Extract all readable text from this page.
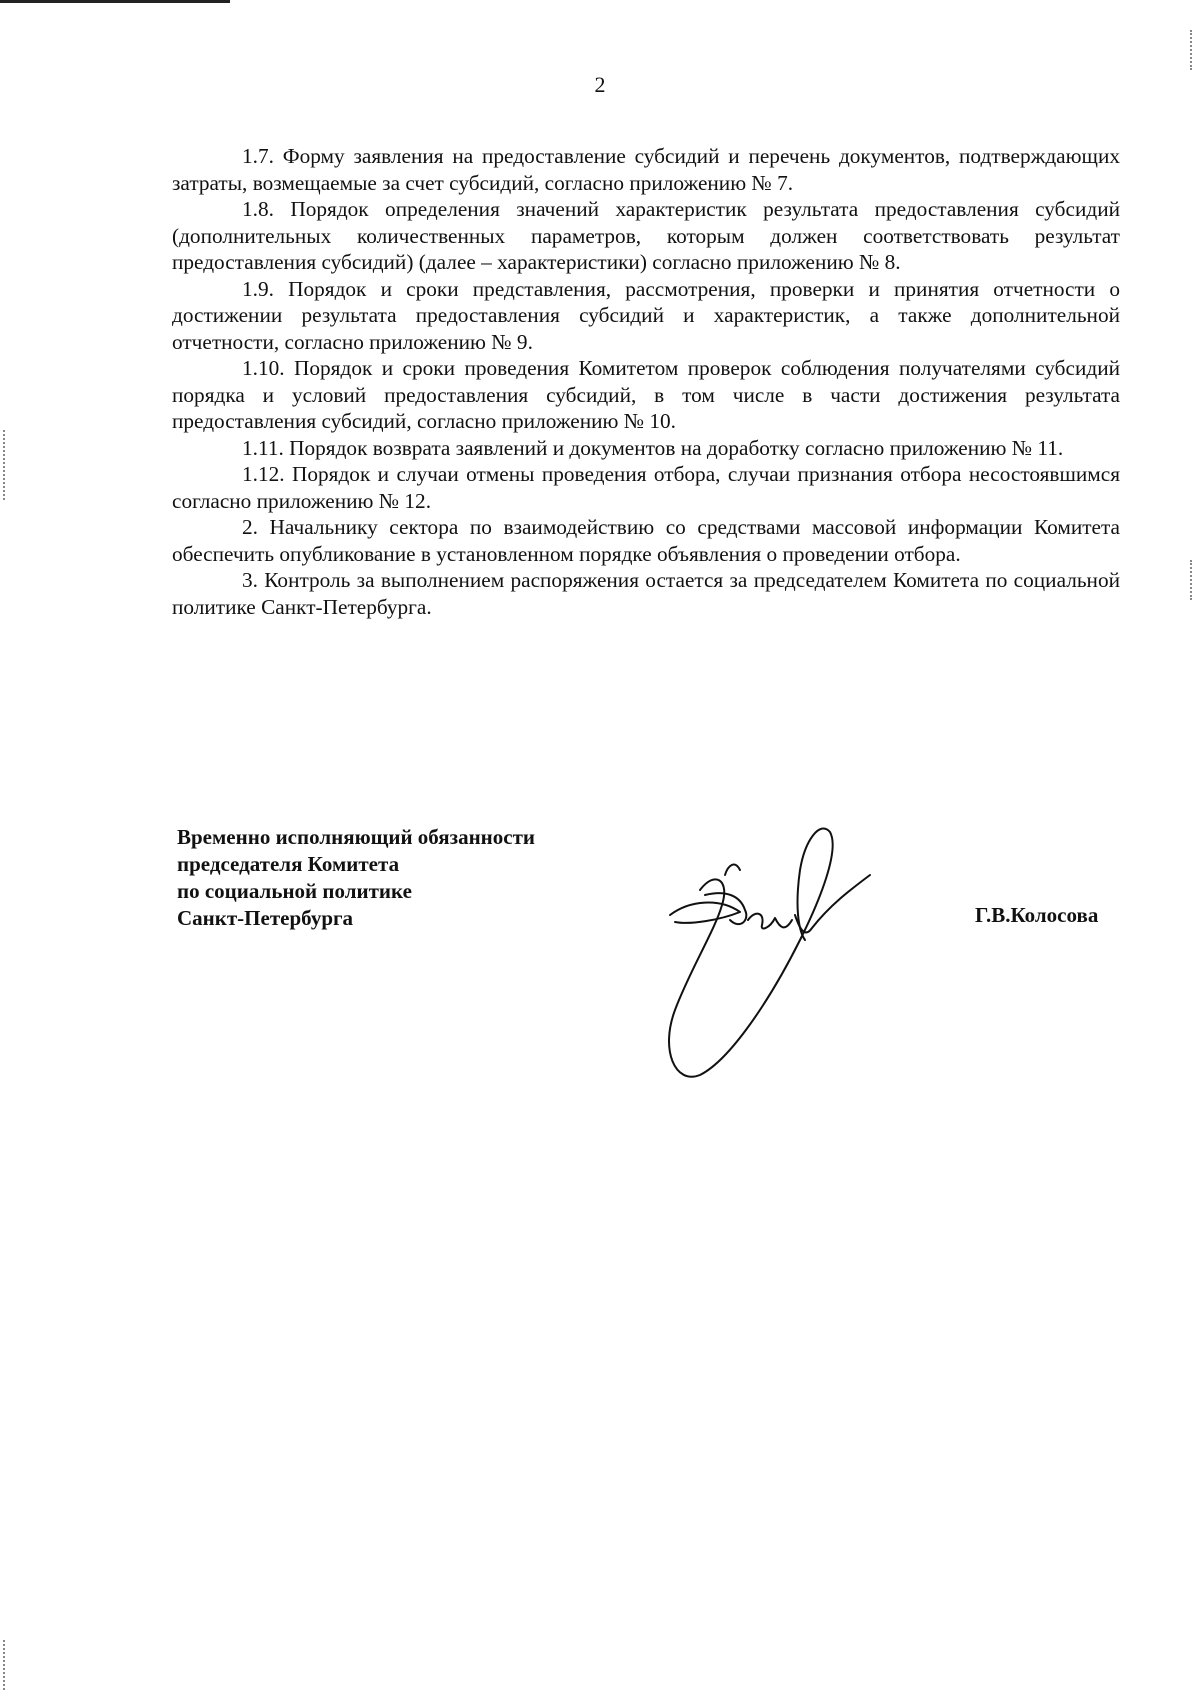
2

1.7. Форму заявления на предоставление субсидий и перечень документов, подтверждающих затраты, возмещаемые за счет субсидий, согласно приложению № 7.

1.8. Порядок определения значений характеристик результата предоставления субсидий (дополнительных количественных параметров, которым должен соответствовать результат предоставления субсидий) (далее – характеристики) согласно приложению № 8.

1.9. Порядок и сроки представления, рассмотрения, проверки и принятия отчетности о достижении результата предоставления субсидий и характеристик, а также дополнительной отчетности, согласно приложению № 9.

1.10. Порядок и сроки проведения Комитетом проверок соблюдения получателями субсидий порядка и условий предоставления субсидий, в том числе в части достижения результата предоставления субсидий, согласно приложению № 10.

1.11. Порядок возврата заявлений и документов на доработку согласно приложению № 11.

1.12. Порядок и случаи отмены проведения отбора, случаи признания отбора несостоявшимся согласно приложению № 12.

2. Начальнику сектора по взаимодействию со средствами массовой информации Комитета обеспечить опубликование в установленном порядке объявления о проведении отбора.

3. Контроль за выполнением распоряжения остается за председателем Комитета по социальной политике Санкт-Петербурга.

Временно исполняющий обязанности
председателя Комитета
по социальной политике
Санкт-Петербурга	Г.В.Колосова
